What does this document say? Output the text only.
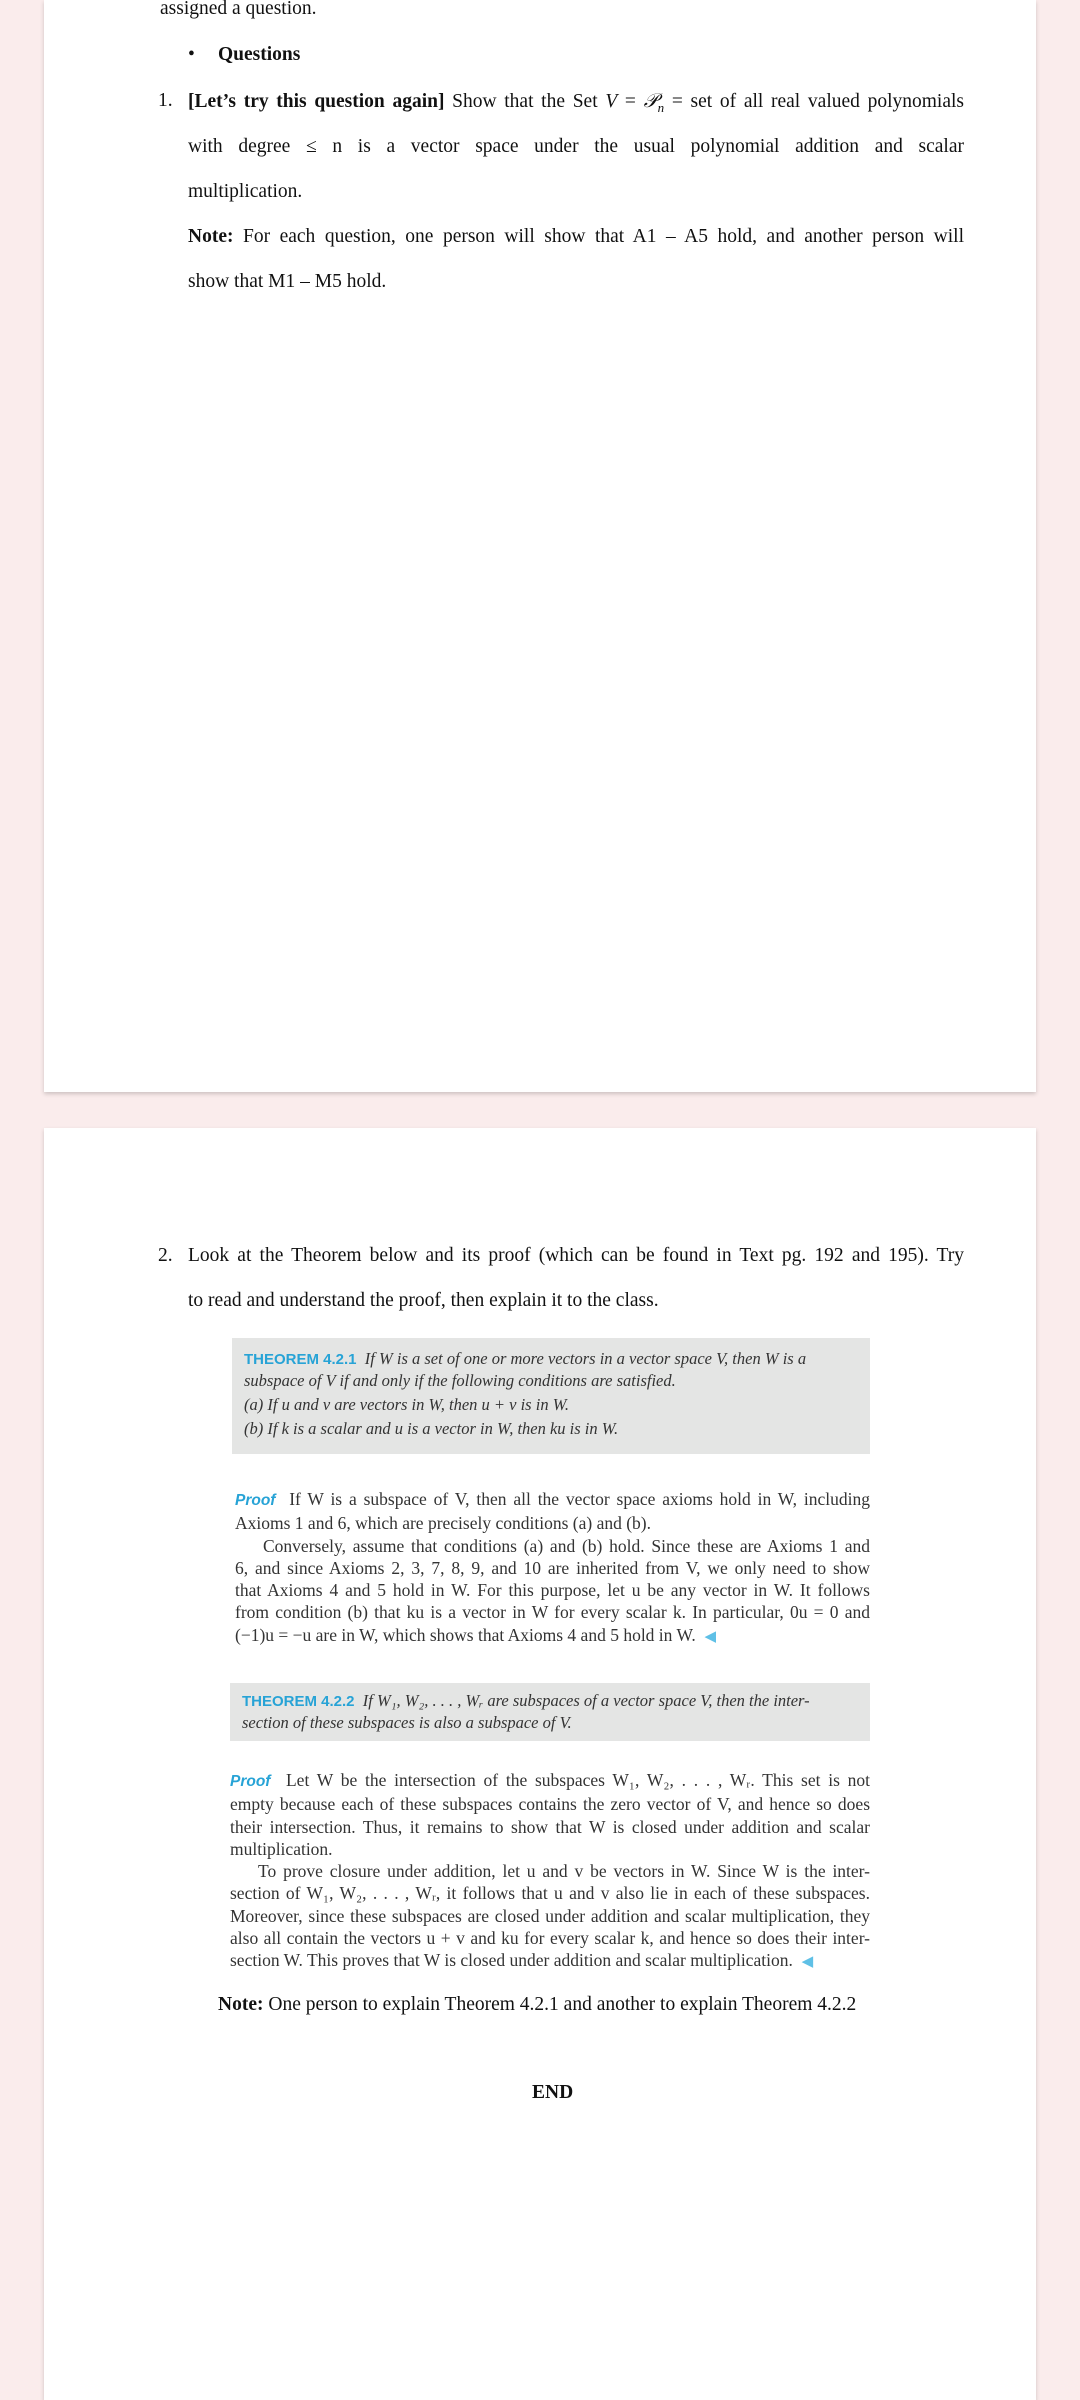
assigned a question.
• Questions
1. [Let’s try this question again] Show that the Set V = 𝒫$_n$ = set of all real valued polynomials
with degree ≤ n is a vector space under the usual polynomial addition and scalar
multiplication.
Note: For each question, one person will show that A1 – A5 hold, and another person will
show that M1 – M5 hold.
2. Look at the Theorem below and its proof (which can be found in Text pg. 192 and 195). Try
to read and understand the proof, then explain it to the class.
THEOREM 4.2.1 If W is a set of one or more vectors in a vector space V, then W is a
subspace of V if and only if the following conditions are satisfied.
(a) If u and v are vectors in W, then u + v is in W.
(b) If k is a scalar and u is a vector in W, then ku is in W.
Proof If W is a subspace of V, then all the vector space axioms hold in W, including
Axioms 1 and 6, which are precisely conditions (a) and (b).
Conversely, assume that conditions (a) and (b) hold. Since these are Axioms 1 and
6, and since Axioms 2, 3, 7, 8, 9, and 10 are inherited from V, we only need to show
that Axioms 4 and 5 hold in W. For this purpose, let u be any vector in W. It follows
from condition (b) that ku is a vector in W for every scalar k. In particular, 0u = 0 and
(−1)u = −u are in W, which shows that Axioms 4 and 5 hold in W. ◀
THEOREM 4.2.2 If W₁, W₂, . . . , Wᵣ are subspaces of a vector space V, then the inter-
section of these subspaces is also a subspace of V.
Proof Let W be the intersection of the subspaces W₁, W₂, . . . , Wᵣ. This set is not
empty because each of these subspaces contains the zero vector of V, and hence so does
their intersection. Thus, it remains to show that W is closed under addition and scalar
multiplication.
To prove closure under addition, let u and v be vectors in W. Since W is the inter-
section of W₁, W₂, . . . , Wᵣ, it follows that u and v also lie in each of these subspaces.
Moreover, since these subspaces are closed under addition and scalar multiplication, they
also all contain the vectors u + v and ku for every scalar k, and hence so does their inter-
section W. This proves that W is closed under addition and scalar multiplication. ◀
Note: One person to explain Theorem 4.2.1 and another to explain Theorem 4.2.2
END
